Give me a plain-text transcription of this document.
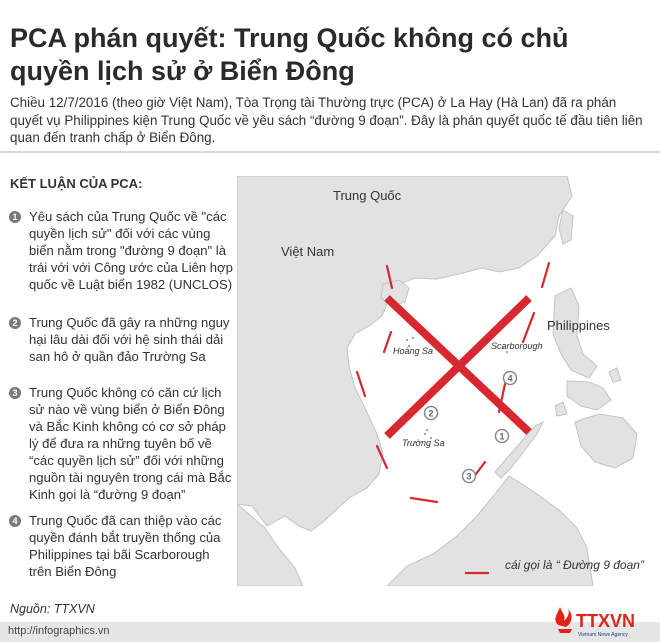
PCA phán quyết: Trung Quốc không có chủ quyền lịch sử ở Biển Đông
Chiều 12/7/2016 (theo giờ Việt Nam), Tòa Trọng tài Thường trực (PCA) ở La Hay (Hà Lan) đã ra phán quyết vụ Philippines kiện Trung Quốc về yêu sách “đường 9 đoạn”. Đây là phán quyết quốc tế đầu tiên liên quan đến tranh chấp ở Biển Đông.
KẾT LUẬN CỦA PCA:
1 Yêu sách của Trung Quốc về "các quyền lịch sử" đối với các vùng biển nằm trong "đường 9 đoạn" là trái với với Công ước của Liên hợp quốc về Luật biển 1982 (UNCLOS)
2 Trung Quốc đã gây ra những nguy hại lâu dài đối với hệ sinh thái dải san hô ở quần đảo Trường Sa
3 Trung Quốc không có căn cứ lịch sử nào về vùng biển ở Biển Đông và Bắc Kinh không có cơ sở pháp lý để đưa ra những tuyên bố về “các quyền lịch sử” đối với những nguồn tài nguyên trong cái mà Bắc Kinh gọi là “đường 9 đoạn”
4 Trung Quốc đã can thiệp vào các quyền đánh bắt truyền thống của Philippines tại bãi Scarborough trên Biển Đông
Trung Quốc
Việt Nam
Philippines
Hoàng Sa	Scarborough
Trường Sa
cái gọi là “ Đường 9 đoạn”
1
2
3
4
Nguồn: TTXVN
http://infographics.vn	TTXVN
Vietnam News Agency
